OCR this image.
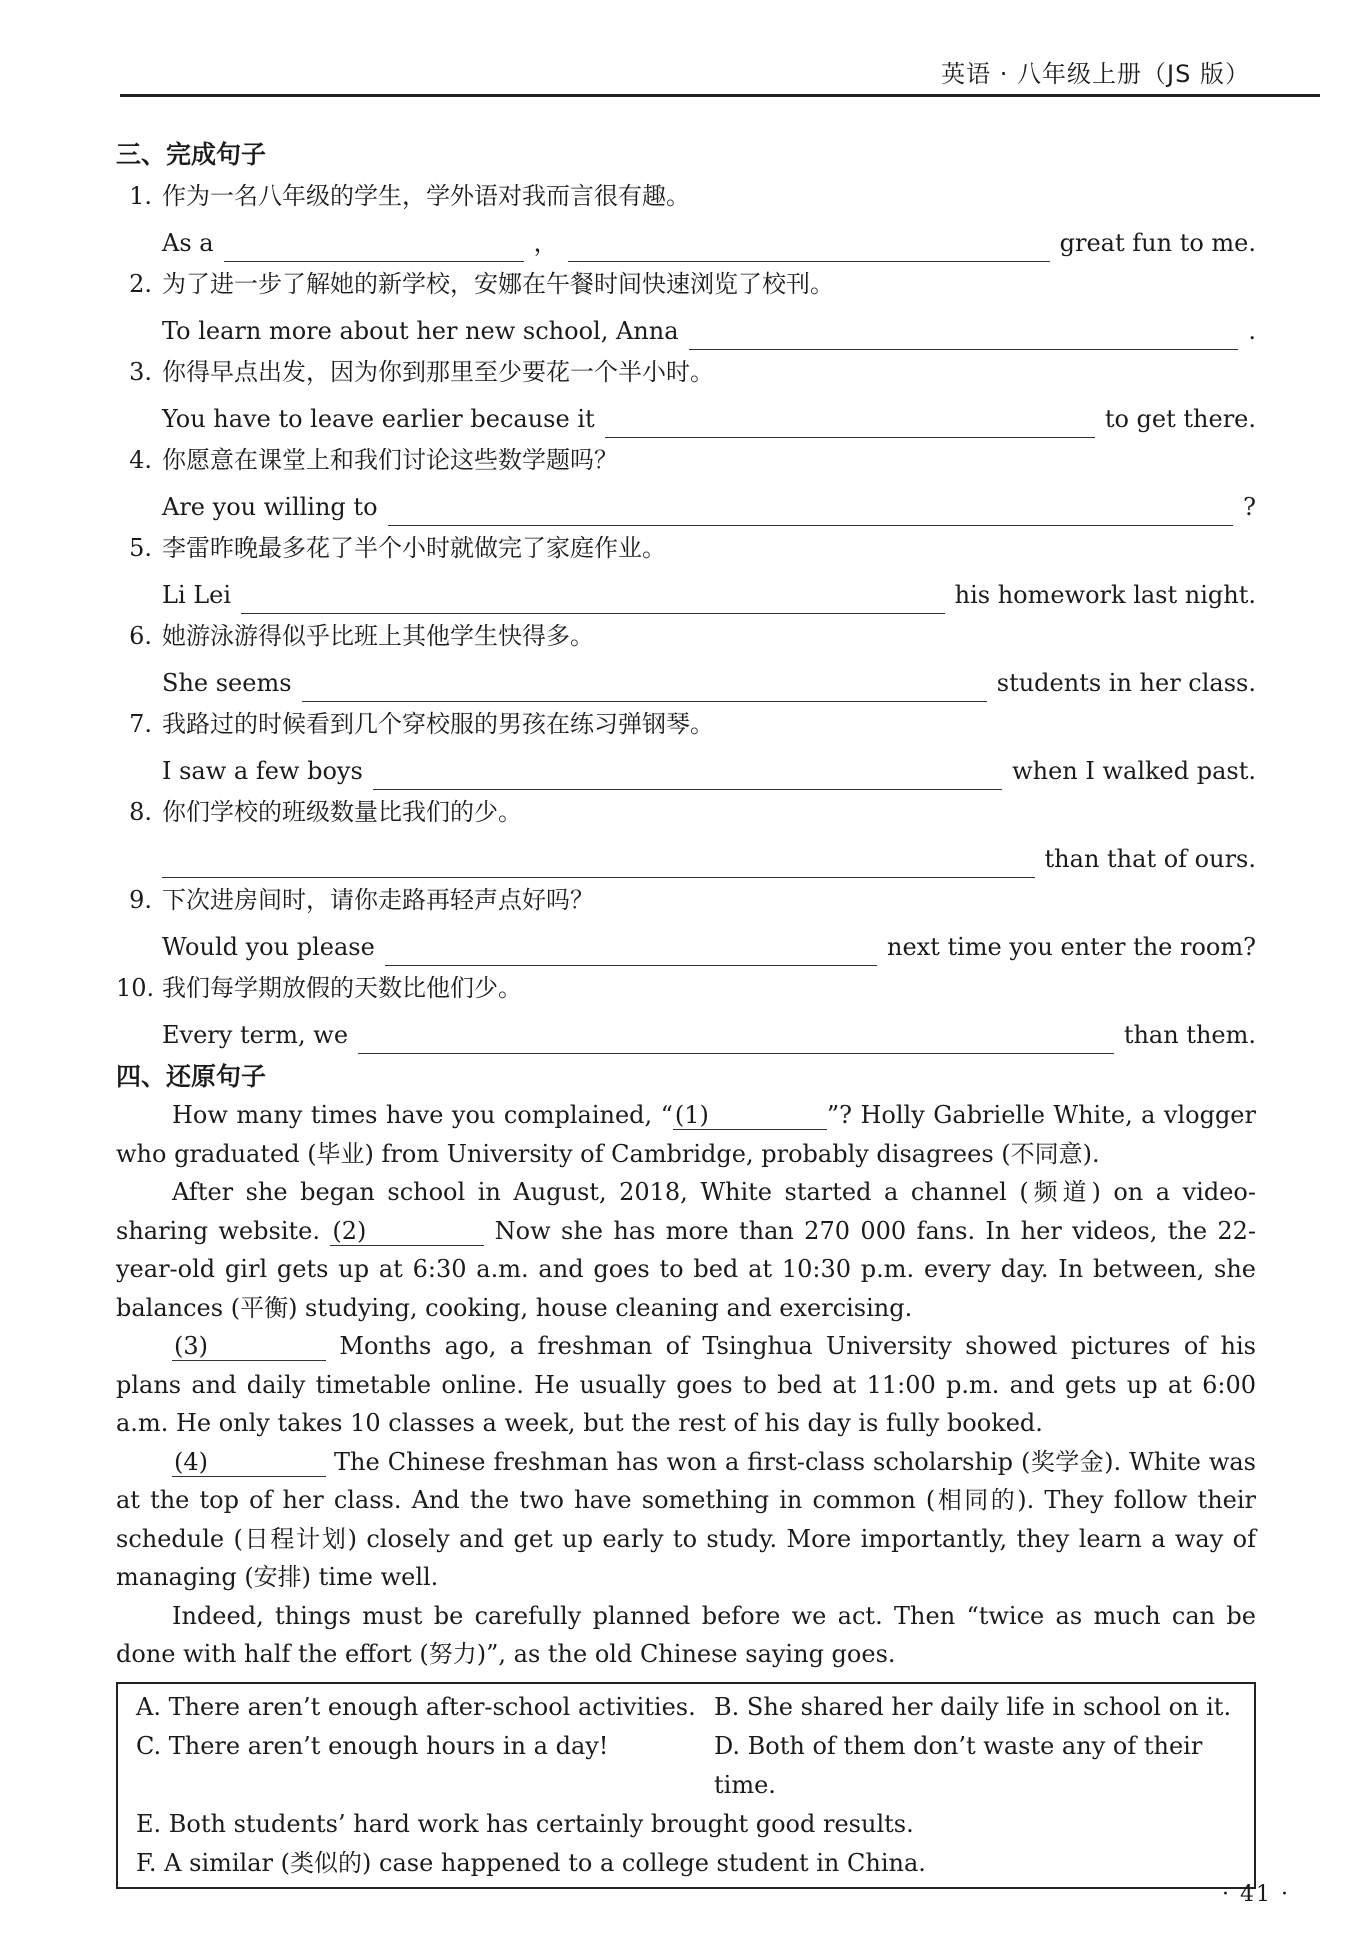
英语 · 八年级上册（JS 版）
三、完成句子
1. 作为一名八年级的学生，学外语对我而言很有趣。
As a	，	great fun to me.
2. 为了进一步了解她的新学校，安娜在午餐时间快速浏览了校刊。
To learn more about her new school, Anna	.
3. 你得早点出发，因为你到那里至少要花一个半小时。
You have to leave earlier because it	to get there.
4. 你愿意在课堂上和我们讨论这些数学题吗？
Are you willing to	?
5. 李雷昨晚最多花了半个小时就做完了家庭作业。
Li Lei	his homework last night.
6. 她游泳游得似乎比班上其他学生快得多。
She seems	students in her class.
7. 我路过的时候看到几个穿校服的男孩在练习弹钢琴。
I saw a few boys	when I walked past.
8. 你们学校的班级数量比我们的少。
than that of ours.
9. 下次进房间时，请你走路再轻声点好吗？
Would you please	next time you enter the room?
10. 我们每学期放假的天数比他们少。
Every term, we	than them.
四、还原句子

How many times have you complained, “(1)	”? Holly Gabrielle White, a vlogger who graduated (毕业) from University of Cambridge, probably disagrees (不同意).

After she began school in August, 2018, White started a channel (频道) on a video-sharing website. (2)	Now she has more than 270 000 fans. In her videos, the 22-year-old girl gets up at 6:30 a.m. and goes to bed at 10:30 p.m. every day. In between, she balances (平衡) studying, cooking, house cleaning and exercising.

(3)	Months ago, a freshman of Tsinghua University showed pictures of his plans and daily timetable online. He usually goes to bed at 11:00 p.m. and gets up at 6:00 a.m. He only takes 10 classes a week, but the rest of his day is fully booked.

(4)	The Chinese freshman has won a first-class scholarship (奖学金). White was at the top of her class. And the two have something in common (相同的). They follow their schedule (日程计划) closely and get up early to study. More importantly, they learn a way of managing (安排) time well.

Indeed, things must be carefully planned before we act. Then “twice as much can be done with half the effort (努力)”, as the old Chinese saying goes.

A. There aren’t enough after-school activities. B. She shared her daily life in school on it.
C. There aren’t enough hours in a day!	D. Both of them don’t waste any of their time.
E. Both students’ hard work has certainly brought good results.
F. A similar (类似的) case happened to a college student in China.
· 41 ·
